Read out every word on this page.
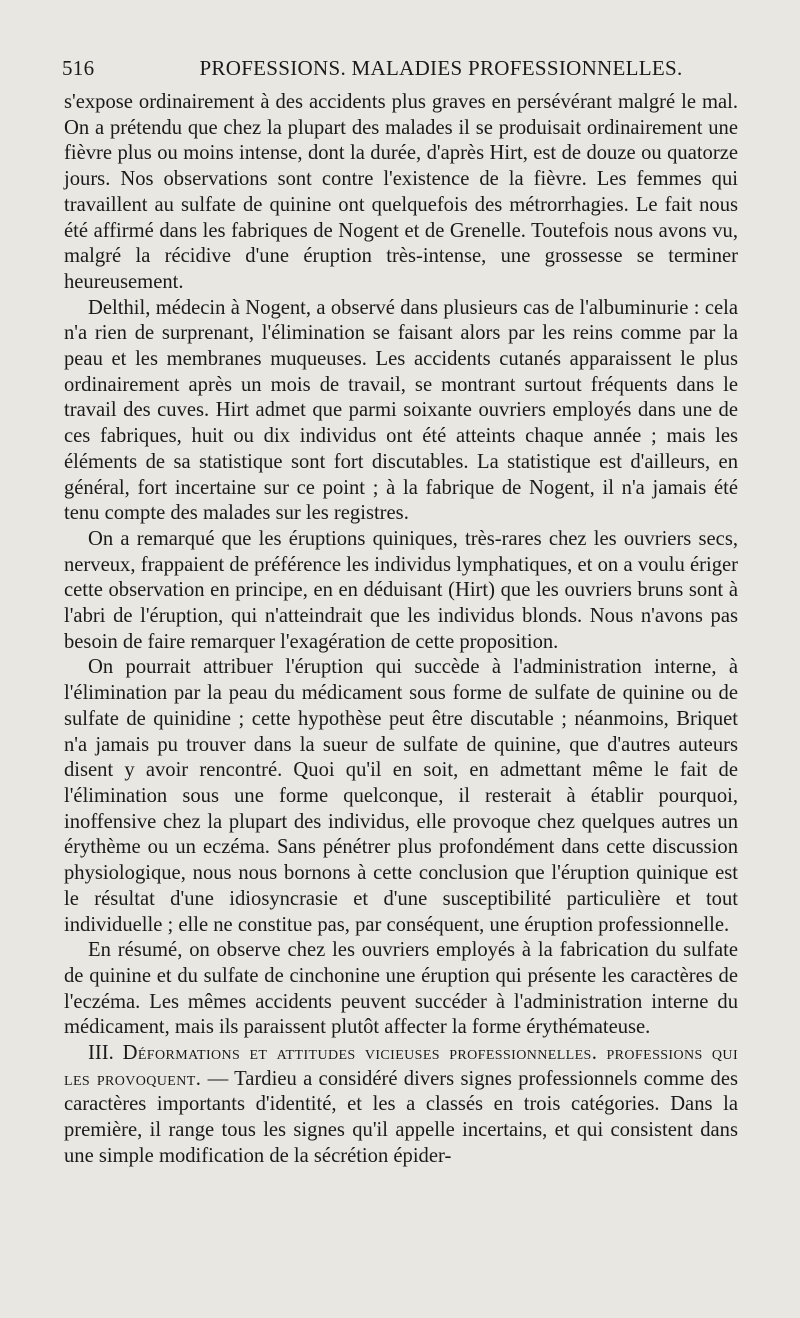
516	PROFESSIONS. MALADIES PROFESSIONNELLES.

s'expose ordinairement à des accidents plus graves en persévérant malgré le mal. On a prétendu que chez la plupart des malades il se produisait ordinairement une fièvre plus ou moins intense, dont la durée, d'après Hirt, est de douze ou quatorze jours. Nos observations sont contre l'existence de la fièvre. Les femmes qui travaillent au sulfate de quinine ont quelquefois des métrorrhagies. Le fait nous été affirmé dans les fabriques de Nogent et de Grenelle. Toutefois nous avons vu, malgré la récidive d'une éruption très-intense, une grossesse se terminer heureusement.

Delthil, médecin à Nogent, a observé dans plusieurs cas de l'albuminurie : cela n'a rien de surprenant, l'élimination se faisant alors par les reins comme par la peau et les membranes muqueuses. Les accidents cutanés apparaissent le plus ordinairement après un mois de travail, se montrant surtout fréquents dans le travail des cuves. Hirt admet que parmi soixante ouvriers employés dans une de ces fabriques, huit ou dix individus ont été atteints chaque année ; mais les éléments de sa statistique sont fort discutables. La statistique est d'ailleurs, en général, fort incertaine sur ce point ; à la fabrique de Nogent, il n'a jamais été tenu compte des malades sur les registres.

On a remarqué que les éruptions quiniques, très-rares chez les ouvriers secs, nerveux, frappaient de préférence les individus lymphatiques, et on a voulu ériger cette observation en principe, en en déduisant (Hirt) que les ouvriers bruns sont à l'abri de l'éruption, qui n'atteindrait que les individus blonds. Nous n'avons pas besoin de faire remarquer l'exagération de cette proposition.

On pourrait attribuer l'éruption qui succède à l'administration interne, à l'élimination par la peau du médicament sous forme de sulfate de quinine ou de sulfate de quinidine ; cette hypothèse peut être discutable ; néanmoins, Briquet n'a jamais pu trouver dans la sueur de sulfate de quinine, que d'autres auteurs disent y avoir rencontré. Quoi qu'il en soit, en admettant même le fait de l'élimination sous une forme quelconque, il resterait à établir pourquoi, inoffensive chez la plupart des individus, elle provoque chez quelques autres un érythème ou un eczéma. Sans pénétrer plus profondément dans cette discussion physiologique, nous nous bornons à cette conclusion que l'éruption quinique est le résultat d'une idiosyncrasie et d'une susceptibilité particulière et tout individuelle ; elle ne constitue pas, par conséquent, une éruption professionnelle.

En résumé, on observe chez les ouvriers employés à la fabrication du sulfate de quinine et du sulfate de cinchonine une éruption qui présente les caractères de l'eczéma. Les mêmes accidents peuvent succéder à l'administration interne du médicament, mais ils paraissent plutôt affecter la forme érythémateuse.

III. Déformations et attitudes vicieuses professionnelles. professions qui les provoquent. — Tardieu a considéré divers signes professionnels comme des caractères importants d'identité, et les a classés en trois catégories. Dans la première, il range tous les signes qu'il appelle incertains, et qui consistent dans une simple modification de la sécrétion épider-
